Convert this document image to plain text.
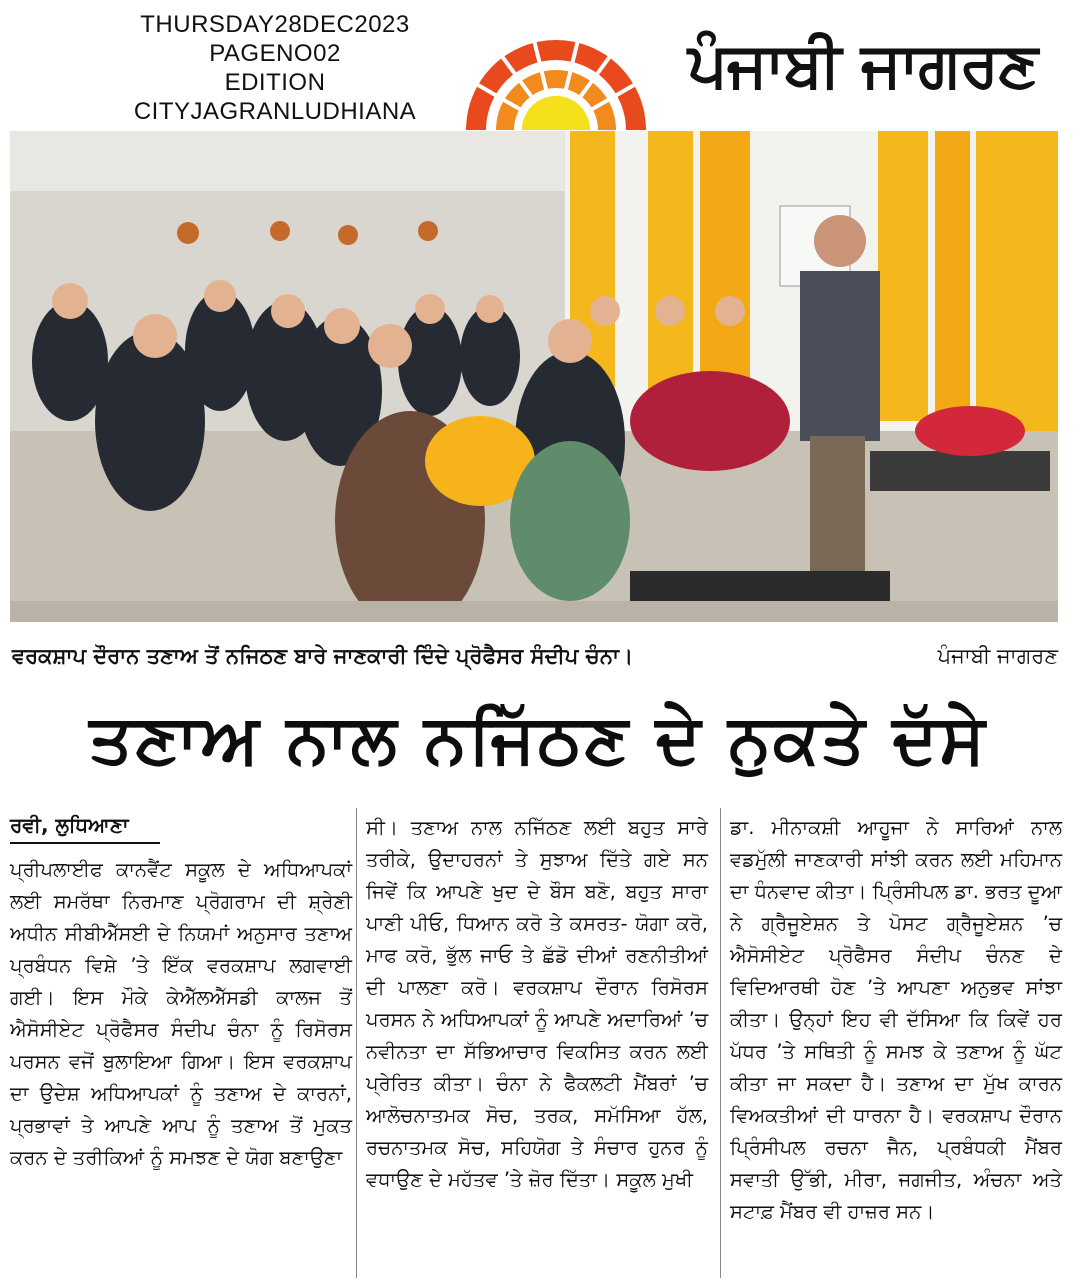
THURSDAY28DEC2023
PAGENO02
EDITION
CITYJAGRANLUDHIANA
ਪੰਜਾਬੀ ਜਾਗਰਣ
ਵਰਕਸ਼ਾਪ ਦੌਰਾਨ ਤਣਾਅ ਤੋਂ ਨਜਿਠਣ ਬਾਰੇ ਜਾਣਕਾਰੀ ਦਿੰਦੇ ਪ੍ਰੋਫੈਸਰ ਸੰਦੀਪ ਚੰਨਾ।	ਪੰਜਾਬੀ ਜਾਗਰਣ
ਤਣਾਅ ਨਾਲ ਨਜਿੱਠਣ ਦੇ ਨੁਕਤੇ ਦੱਸੇ
ਰਵੀ, ਲੁਧਿਆਣਾ

ਪ੍ਰੀਪਲਾਈਫ ਕਾਨਵੈਂਟ ਸਕੂਲ ਦੇ ਅਧਿਆਪਕਾਂ ਲਈ ਸਮਰੱਥਾ ਨਿਰਮਾਣ ਪ੍ਰੋਗਰਾਮ ਦੀ ਸ਼੍ਰੇਣੀ ਅਧੀਨ ਸੀਬੀਐੱਸਈ ਦੇ ਨਿਯਮਾਂ ਅਨੁਸਾਰ ਤਣਾਅ ਪ੍ਰਬੰਧਨ ਵਿਸ਼ੇ ’ਤੇ ਇੱਕ ਵਰਕਸ਼ਾਪ ਲਗਵਾਈ ਗਈ। ਇਸ ਮੌਕੇ ਕੇਐੱਲਐੱਸਡੀ ਕਾਲਜ ਤੋਂ ਐਸੋਸੀਏਟ ਪ੍ਰੋਫੈਸਰ ਸੰਦੀਪ ਚੰਨਾ ਨੂੰ ਰਿਸੋਰਸ ਪਰਸਨ ਵਜੋਂ ਬੁਲਾਇਆ ਗਿਆ। ਇਸ ਵਰਕਸ਼ਾਪ ਦਾ ਉਦੇਸ਼ ਅਧਿਆਪਕਾਂ ਨੂੰ ਤਣਾਅ ਦੇ ਕਾਰਨਾਂ, ਪ੍ਰਭਾਵਾਂ ਤੇ ਆਪਣੇ ਆਪ ਨੂੰ ਤਣਾਅ ਤੋਂ ਮੁਕਤ ਕਰਨ ਦੇ ਤਰੀਕਿਆਂ ਨੂੰ ਸਮਝਣ ਦੇ ਯੋਗ ਬਣਾਉਣਾ

ਸੀ। ਤਣਾਅ ਨਾਲ ਨਜਿੱਠਣ ਲਈ ਬਹੁਤ ਸਾਰੇ ਤਰੀਕੇ, ਉਦਾਹਰਨਾਂ ਤੇ ਸੁਝਾਅ ਦਿੱਤੇ ਗਏ ਸਨ ਜਿਵੇਂ ਕਿ ਆਪਣੇ ਖੁਦ ਦੇ ਬੌਸ ਬਣੋ, ਬਹੁਤ ਸਾਰਾ ਪਾਣੀ ਪੀਓ, ਧਿਆਨ ਕਰੋ ਤੇ ਕਸਰਤ- ਯੋਗਾ ਕਰੋ, ਮਾਫ ਕਰੋ, ਭੁੱਲ ਜਾਓ ਤੇ ਛੱਡੋ ਦੀਆਂ ਰਣਨੀਤੀਆਂ ਦੀ ਪਾਲਣਾ ਕਰੋ। ਵਰਕਸ਼ਾਪ ਦੌਰਾਨ ਰਿਸੋਰਸ ਪਰਸਨ ਨੇ ਅਧਿਆਪਕਾਂ ਨੂੰ ਆਪਣੇ ਅਦਾਰਿਆਂ ’ਚ ਨਵੀਨਤਾ ਦਾ ਸੱਭਿਆਚਾਰ ਵਿਕਸਿਤ ਕਰਨ ਲਈ ਪ੍ਰੇਰਿਤ ਕੀਤਾ। ਚੰਨਾ ਨੇ ਫੈਕਲਟੀ ਮੈਂਬਰਾਂ ’ਚ ਆਲੋਚਨਾਤਮਕ ਸੋਚ, ਤਰਕ, ਸਮੱਸਿਆ ਹੱਲ, ਰਚਨਾਤਮਕ ਸੋਚ, ਸਹਿਯੋਗ ਤੇ ਸੰਚਾਰ ਹੁਨਰ ਨੂੰ ਵਧਾਉਣ ਦੇ ਮਹੱਤਵ ’ਤੇ ਜ਼ੋਰ ਦਿੱਤਾ। ਸਕੂਲ ਮੁਖੀ

ਡਾ. ਮੀਨਾਕਸ਼ੀ ਆਹੂਜਾ ਨੇ ਸਾਰਿਆਂ ਨਾਲ ਵਡਮੁੱਲੀ ਜਾਣਕਾਰੀ ਸਾਂਝੀ ਕਰਨ ਲਈ ਮਹਿਮਾਨ ਦਾ ਧੰਨਵਾਦ ਕੀਤਾ। ਪ੍ਰਿੰਸੀਪਲ ਡਾ. ਭਰਤ ਦੂਆ ਨੇ ਗ੍ਰੈਜੂਏਸ਼ਨ ਤੇ ਪੋਸਟ ਗ੍ਰੈਜੂਏਸ਼ਨ ’ਚ ਐਸੋਸੀਏਟ ਪ੍ਰੋਫੈਸਰ ਸੰਦੀਪ ਚੰਨਣ ਦੇ ਵਿਦਿਆਰਥੀ ਹੋਣ ’ਤੇ ਆਪਣਾ ਅਨੁਭਵ ਸਾਂਝਾ ਕੀਤਾ। ਉਨ੍ਹਾਂ ਇਹ ਵੀ ਦੱਸਿਆ ਕਿ ਕਿਵੇਂ ਹਰ ਪੱਧਰ ’ਤੇ ਸਥਿਤੀ ਨੂੰ ਸਮਝ ਕੇ ਤਣਾਅ ਨੂੰ ਘੱਟ ਕੀਤਾ ਜਾ ਸਕਦਾ ਹੈ। ਤਣਾਅ ਦਾ ਮੁੱਖ ਕਾਰਨ ਵਿਅਕਤੀਆਂ ਦੀ ਧਾਰਨਾ ਹੈ। ਵਰਕਸ਼ਾਪ ਦੌਰਾਨ ਪ੍ਰਿੰਸੀਪਲ ਰਚਨਾ ਜੈਨ, ਪ੍ਰਬੰਧਕੀ ਮੈਂਬਰ ਸਵਾਤੀ ਉੱਭੀ, ਮੀਰਾ, ਜਗਜੀਤ, ਅੰਚਨਾ ਅਤੇ ਸਟਾਫ਼ ਮੈਂਬਰ ਵੀ ਹਾਜ਼ਰ ਸਨ।
